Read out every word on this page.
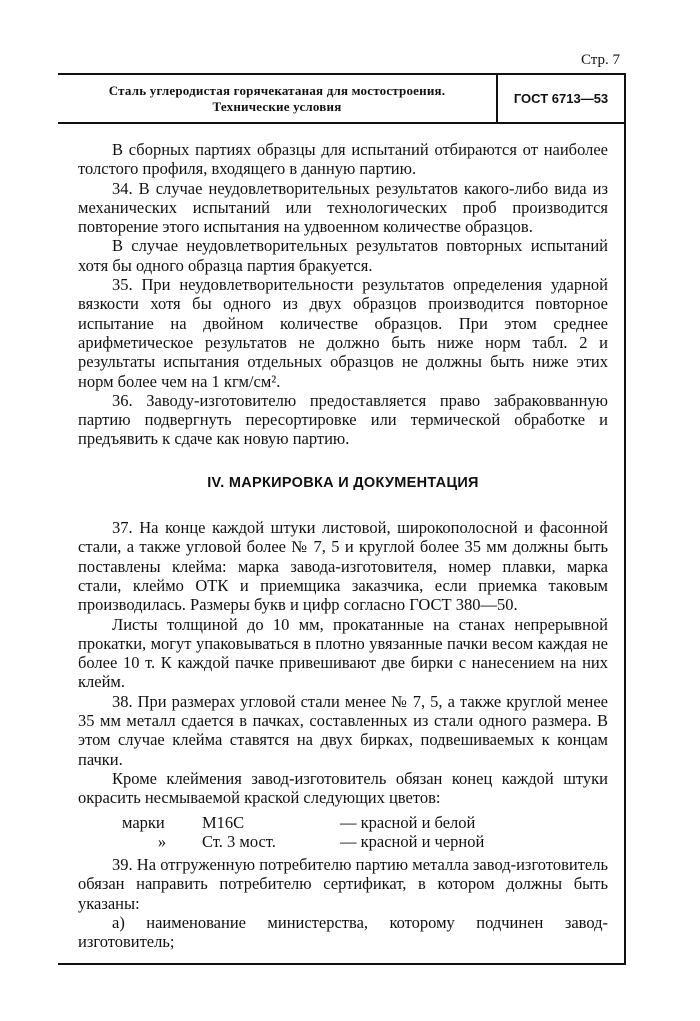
Стр. 7
Сталь углеродистая горячекатаная для мостостроения.
Технические условия	ГОСТ 6713—53

В сборных партиях образцы для испытаний отбираются от наиболее толстого профиля, входящего в данную партию.

34. В случае неудовлетворительных результатов какого-либо вида из механических испытаний или технологических проб производится повторение этого испытания на удвоенном количестве образцов.

В случае неудовлетворительных результатов повторных испытаний хотя бы одного образца партия бракуется.

35. При неудовлетворительности результатов определения ударной вязкости хотя бы одного из двух образцов производится повторное испытание на двойном количестве образцов. При этом среднее арифметическое результатов не должно быть ниже норм табл. 2 и результаты испытания отдельных образцов не должны быть ниже этих норм более чем на 1 кгм/см².

36. Заводу-изготовителю предоставляется право забраковванную партию подвергнуть пересортировке или термической обработке и предъявить к сдаче как новую партию.

IV. МАРКИРОВКА И ДОКУМЕНТАЦИЯ

37. На конце каждой штуки листовой, широкополосной и фасонной стали, а также угловой более № 7, 5 и круглой более 35 мм должны быть поставлены клейма: марка завода-изготовителя, номер плавки, марка стали, клеймо ОТК и приемщика заказчика, если приемка таковым производилась. Размеры букв и цифр согласно ГОСТ 380—50.

Листы толщиной до 10 мм, прокатанные на станах непрерывной прокатки, могут упаковываться в плотно увязанные пачки весом каждая не более 10 т. К каждой пачке привешивают две бирки с нанесением на них клейм.

38. При размерах угловой стали менее № 7, 5, а также круглой менее 35 мм металл сдается в пачках, составленных из стали одного размера. В этом случае клейма ставятся на двух бирках, подвешиваемых к концам пачки.

Кроме клеймения завод-изготовитель обязан конец каждой штуки окрасить несмываемой краской следующих цветов:

марки	М16С	— красной и белой
»	Ст. 3 мост.	— красной и черной

39. На отгруженную потребителю партию металла завод-изготовитель обязан направить потребителю сертификат, в котором должны быть указаны:

а) наименование министерства, которому подчинен завод-изготовитель;
